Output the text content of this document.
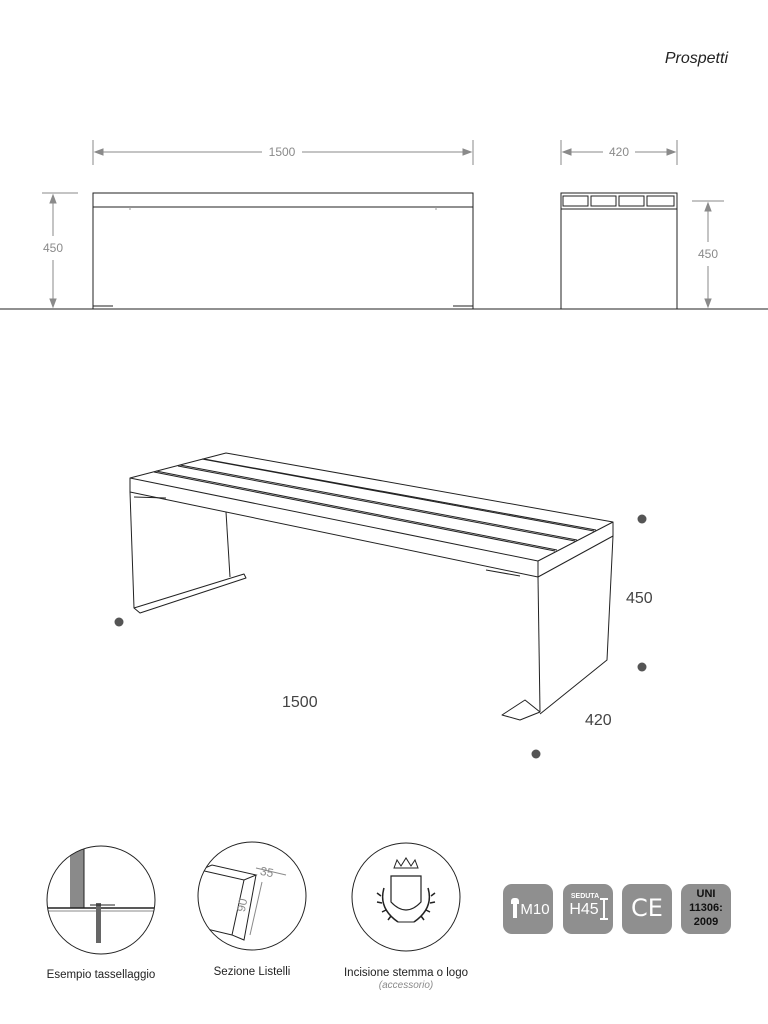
Prospetti
1500
450
420
450
450
1500
420
35
90
Esempio tassellaggio	Sezione Listelli	Incisione stemma o logo
(accessorio)
M10
SEDUTA
H45	CE	UNI
11306:
2009
